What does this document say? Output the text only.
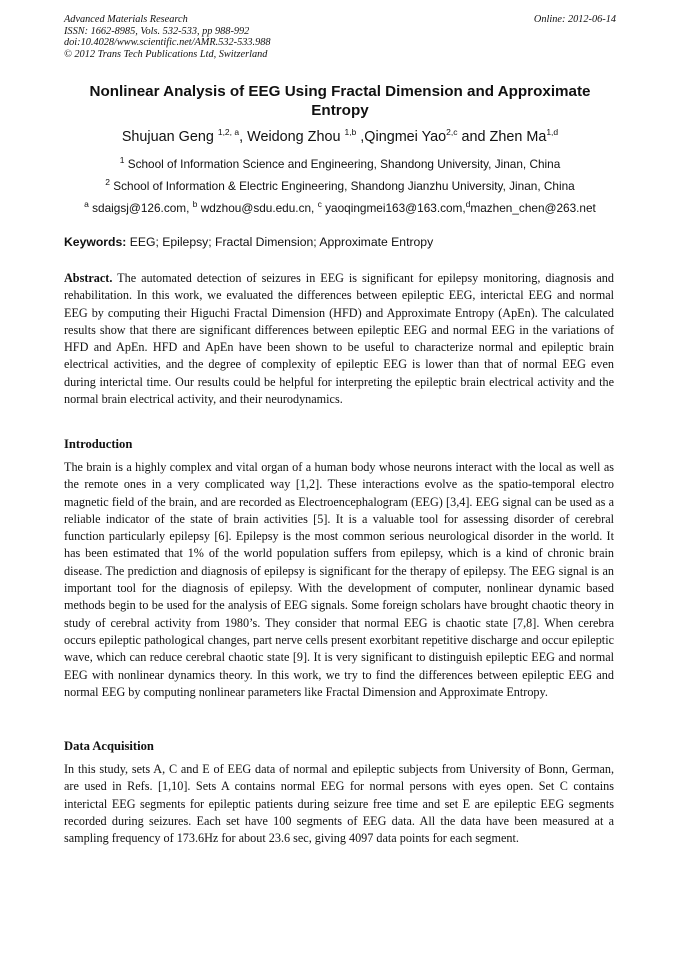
Advanced Materials Research
ISSN: 1662-8985, Vols. 532-533, pp 988-992
doi:10.4028/www.scientific.net/AMR.532-533.988
© 2012 Trans Tech Publications Ltd, Switzerland
Online: 2012-06-14
Nonlinear Analysis of EEG Using Fractal Dimension and Approximate Entropy
Shujuan Geng $^{1,2, a}$, Weidong Zhou $^{1,b}$ ,Qingmei Yao$^{2,c}$ and Zhen Ma$^{1,d}$
$^1$ School of Information Science and Engineering, Shandong University, Jinan, China
$^2$ School of Information & Electric Engineering, Shandong Jianzhu University, Jinan, China
$^a$ sdaigsj@126.com, $^b$ wdzhou@sdu.edu.cn, $^c$ yaoqingmei163@163.com,$^d$mazhen_chen@263.net
Keywords: EEG; Epilepsy; Fractal Dimension; Approximate Entropy
Abstract. The automated detection of seizures in EEG is significant for epilepsy monitoring, diagnosis and rehabilitation. In this work, we evaluated the differences between epileptic EEG, interictal EEG and normal EEG by computing their Higuchi Fractal Dimension (HFD) and Approximate Entropy (ApEn). The calculated results show that there are significant differences between epileptic EEG and normal EEG in the variations of HFD and ApEn. HFD and ApEn have been shown to be useful to characterize normal and epileptic brain electrical activities, and the degree of complexity of epileptic EEG is lower than that of normal EEG even during interictal time. Our results could be helpful for interpreting the epileptic brain electrical activity and the normal brain electrical activity, and their neurodynamics.
Introduction
The brain is a highly complex and vital organ of a human body whose neurons interact with the local as well as the remote ones in a very complicated way [1,2]. These interactions evolve as the spatio-temporal electro magnetic field of the brain, and are recorded as Electroencephalogram (EEG) [3,4]. EEG signal can be used as a reliable indicator of the state of brain activities [5]. It is a valuable tool for assessing disorder of cerebral function particularly epilepsy [6]. Epilepsy is the most common serious neurological disorder in the world. It has been estimated that 1% of the world population suffers from epilepsy, which is a kind of chronic brain disease. The prediction and diagnosis of epilepsy is significant for the therapy of epilepsy. The EEG signal is an important tool for the diagnosis of epilepsy. With the development of computer, nonlinear dynamic based methods begin to be used for the analysis of EEG signals. Some foreign scholars have brought chaotic theory in study of cerebral activity from 1980’s. They consider that normal EEG is chaotic state [7,8]. When cerebra occurs epileptic pathological changes, part nerve cells present exorbitant repetitive discharge and occur epileptic wave, which can reduce cerebral chaotic state [9]. It is very significant to distinguish epileptic EEG and normal EEG with nonlinear dynamics theory. In this work, we try to find the differences between epileptic EEG and normal EEG by computing nonlinear parameters like Fractal Dimension and Approximate Entropy.
Data Acquisition
In this study, sets A, C and E of EEG data of normal and epileptic subjects from University of Bonn, German, are used in Refs. [1,10]. Sets A contains normal EEG for normal persons with eyes open. Set C contains interictal EEG segments for epileptic patients during seizure free time and set E are epileptic EEG segments recorded during seizures. Each set have 100 segments of EEG data. All the data have been measured at a sampling frequency of 173.6Hz for about 23.6 sec, giving 4097 data points for each segment.
